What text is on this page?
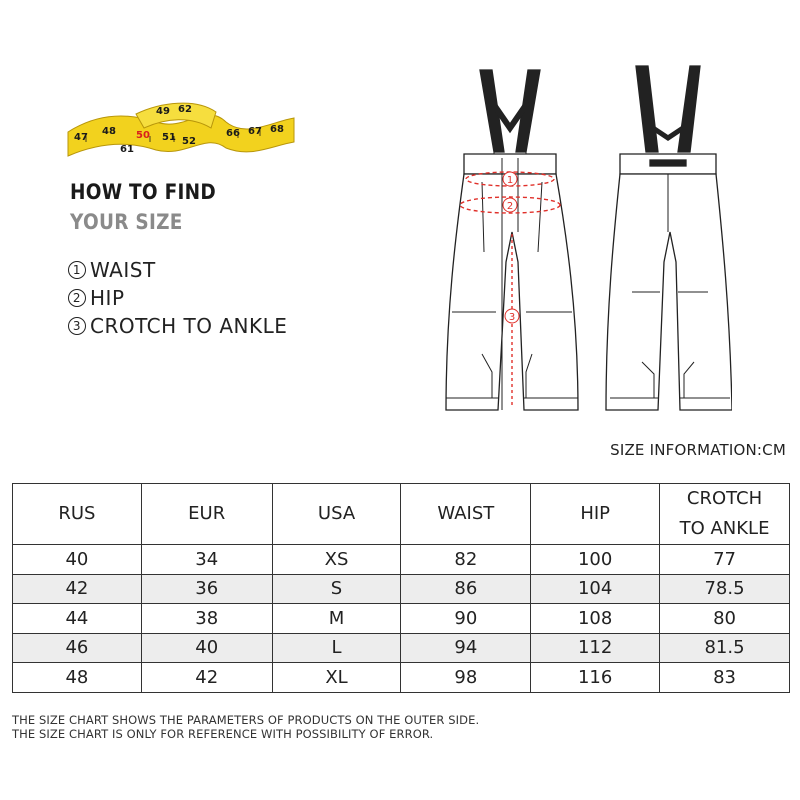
47
48
49
50 51 52
62
61
66 67 68
HOW TO FIND
YOUR SIZE
1 WAIST
2 HIP
3 CROTCH TO ANKLE
1
2
3
SIZE INFORMATION:CM
RUS	EUR	USA	WAIST	HIP	CROTCH
TO ANKLE
40	34	XS	82	100	77
42	36	S	86	104	78.5
44	38	M	90	108	80
46	40	L	94	112	81.5
48	42	XL	98	116	83
THE SIZE CHART SHOWS THE PARAMETERS OF PRODUCTS ON THE OUTER SIDE.
THE SIZE CHART IS ONLY FOR REFERENCE WITH POSSIBILITY OF ERROR.
